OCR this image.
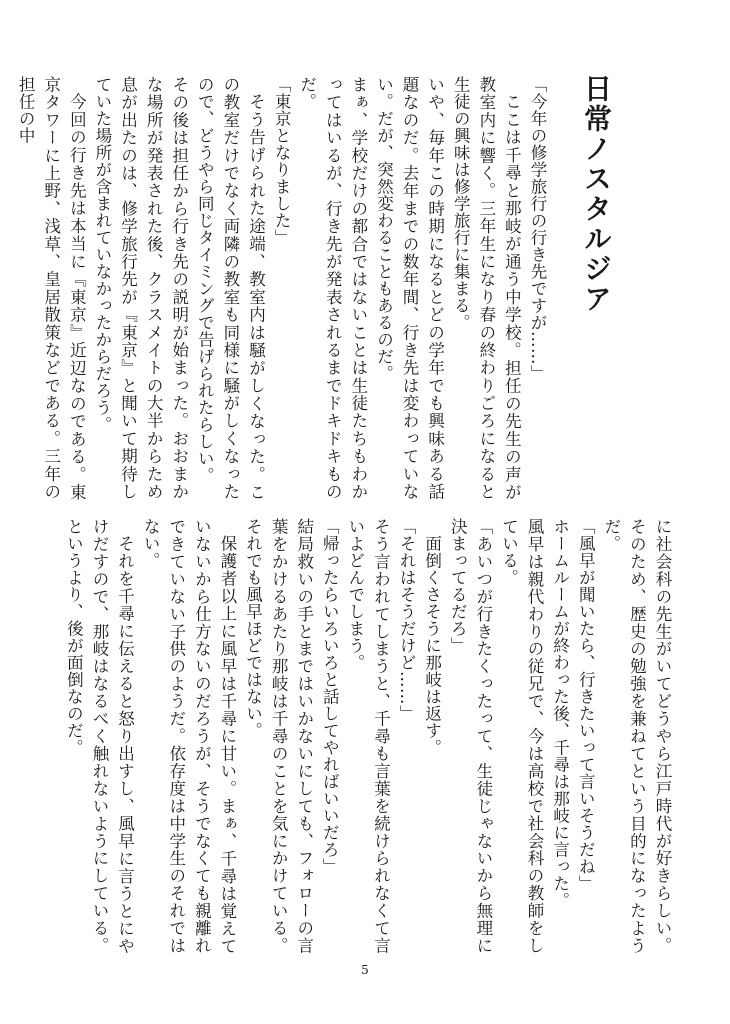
日常ノスタルジア

「今年の修学旅行の行き先ですが……」

ここは千尋と那岐が通う中学校。担任の先生の声が教室内に響く。三年生になり春の終わりごろになると生徒の興味は修学旅行に集まる。

いや、毎年この時期になるとどの学年でも興味ある話題なのだ。去年までの数年間、行き先は変わっていない。だが、突然変わることもあるのだ。

まぁ、学校だけの都合ではないことは生徒たちもわかってはいるが、行き先が発表されるまでドキドキものだ。

「東京となりました」

そう告げられた途端、教室内は騒がしくなった。この教室だけでなく両隣の教室も同様に騒がしくなったので、どうやら同じタイミングで告げられたらしい。

その後は担任から行き先の説明が始まった。おおまかな場所が発表された後、クラスメイトの大半からため息が出たのは、修学旅行先が『東京』と聞いて期待していた場所が含まれていなかったからだろう。

今回の行き先は本当に『東京』近辺なのである。東京タワーに上野、浅草、皇居散策などである。三年の担任の中

に社会科の先生がいてどうやら江戸時代が好きらしい。そのため、歴史の勉強を兼ねてという目的になったようだ。

「風早が聞いたら、行きたいって言いそうだね」

ホームルームが終わった後、千尋は那岐に言った。

風早は親代わりの従兄で、今は高校で社会科の教師をしている。

「あいつが行きたくったって、生徒じゃないから無理に決まってるだろ」

面倒くさそうに那岐は返す。

「それはそうだけど……」

そう言われてしまうと、千尋も言葉を続けられなくて言いよどんでしまう。

「帰ったらいろいろと話してやればいいだろ」

結局救いの手とまではいかないにしても、フォローの言葉をかけるあたり那岐は千尋のことを気にかけている。それでも風早ほどではない。

保護者以上に風早は千尋に甘い。まぁ、千尋は覚えていないから仕方ないのだろうが、そうでなくても親離れできていない子供のようだ。依存度は中学生のそれではない。

それを千尋に伝えると怒り出すし、風早に言うとにやけだすので、那岐はなるべく触れないようにしている。というより、後が面倒なのだ。

5
